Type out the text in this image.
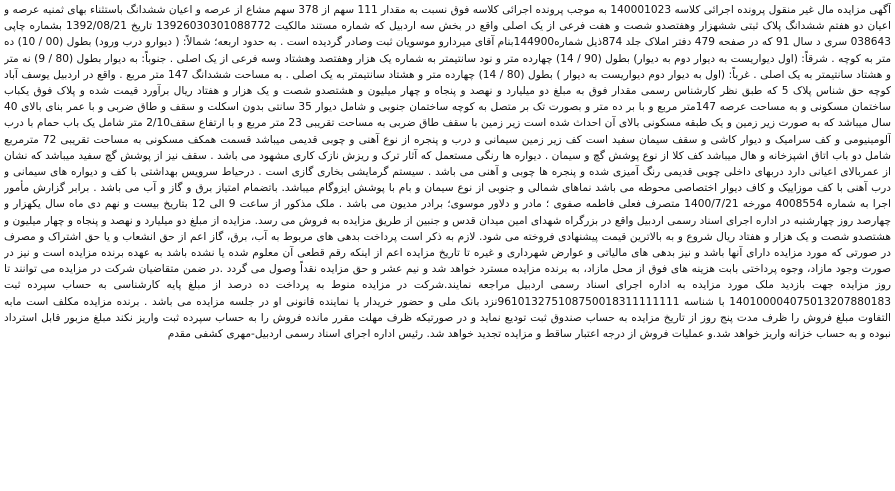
آگهی مزایده مال غیر منقول پرونده اجرائی کلاسه 140001023 به موجب پرونده اجرائی کلاسه فوق نسبت به مقدار 111 سهم از 378 سهم مشاع از عرصه و اعیان ششدانگ باستثناء بهای ثمنیه عرصه و اعیان دو هفتم ششدانگ پلاک ثبتی ششهزار وهفتصدو شصت و هفت فرعی از یک اصلی واقع در بخش سه اردبیل که شماره مستند مالکیت 13926030301088772 تاریخ 1392/08/21 بشماره چاپی 038643 سری د سال 91 که در صفحه 479 دفتر املاک جلد 874ذیل شماره144900بنام آقای میردارو موسویان ثبت وصادر گردیده است . به حدود اربعه؛ شمالاً: ( دیوارو درب ورود) بطول (00 / 10) ده متر به کوچه . شرقاً: (اول دیواریست به دیوار دوم به دیوار) بطول (90 / 14) چهارده متر و نود سانتیمتر به شماره یک هزار وهفتصد وهشتاد وسه فرعی از یک اصلی . جنوباً: به دیوار بطول (80 / 9) نه متر و هشتاد سانتیمتر به یک اصلی . غرباً: (اول به دیوار دوم دیواریست به دیوار ) بطول (80 / 14) چهارده متر و هشتاد سانتیمتر به یک اصلی . به مساحت ششدانگ 147 متر مربع . واقع در اردبیل یوسف آباد کوچه حق شناس پلاک 5 که طبق نظر کارشناس رسمی مقدار فوق به مبلغ دو میلیارد و نهصد و پنجاه و چهار میلیون و هشتصدو شصت و یک هزار و هفتاد ریال برآورد قیمت شده و پلاک فوق یکباب ساختمان مسکونی و به مساحت عرصه 147متر مربع و با بر ده متر و بصورت تک بر متصل به کوچه ساختمان جنوبی و شامل دیوار 35 سانتی بدون اسکلت و سقف و طاق ضربی و با عمر بنای بالای 40 سال میباشد که به صورت زیر زمین و یک طبقه مسکونی بالای آن احداث شده است زیر زمین با سقف طاق ضربی به مساحت تقریبی 23 متر مربع و با ارتفاع سقف2/10 متر شامل یک باب حمام با درب آلومینیومی و کف سرامیک و دیوار کاشی و سقف سیمان سفید است کف زیر زمین سیمانی و درب و پنجره از نوع آهنی و چوبی قدیمی میباشد قسمت همکف مسکونی به مساحت تقریبی 72 مترمربع شامل دو باب اتاق اشپزخانه و هال میباشد کف کلا از نوع پوشش گچ و سیمان . دیواره ها رنگی مستعمل که آثار ترک و ریزش نازک کاری مشهود می باشد . سقف نیز از پوشش گچ سفید میباشد که نشان از عمربالای اعیانی دارد دربهای داخلی چوبی قدیمی رنگ آمیزی شده و پنجره ها چوبی و آهنی می باشد . سیستم گرمایشی بخاری گازی است . درحیاط سرویس بهداشتی با کف و دیواره های سیمانی و درب آهنی با کف موزاییک و کاف دیوار اختصاصی محوطه می باشد نماهای شمالی و جنوبی از نوع سیمان و بام با پوشش ایزوگام میباشد. باتضمام امتیاز برق و گاز و آب می باشد . برابر گزارش مأمور اجرا به شماره 4008554 مورخه 1400/7/21 متصرف فعلی فاطمه صفوی ؛ مادر و دلاور موسوی؛ برادر مدیون می باشد . ملک مذکور از ساعت 9 الی 12 بتاریخ بیست و نهم دی ماه سال یکهزار و چهارصد روز چهارشنبه در اداره اجرای اسناد رسمی اردبیل واقع در بزرگراه شهدای امین میدان قدس و جنبین از طریق مزایده به فروش می رسد. مزایده از مبلغ دو میلیارد و نهصد و پنجاه و چهار میلیون و هشتصدو شصت و یک هزار و هفتاد ریال شروع و به بالاترین قیمت پیشنهادی فروخته می شود. لازم به ذکر است پرداخت بدهی های مربوط به آب، برق، گاز اعم از حق انشعاب و یا حق اشتراک و مصرف در صورتی که مورد مزایده دارای آنها باشد و نیز بدهی های مالیاتی و عوارض شهرداری و غیره تا تاریخ مزایده اعم از اینکه رقم قطعی آن معلوم شده یا نشده باشد به عهده برنده مزایده است و نیز در صورت وجود مازاد، وجوه پرداختی بابت هزینه های فوق از محل مازاد، به برنده مزایده مسترد خواهد شد و نیم عشر و حق مزایده نقداً وصول می گردد .در ضمن متقاضیان شرکت در مزایده می توانند تا روز مزایده جهت بازدید ملک مورد مزایده به اداره اجرای اسناد رسمی اردبیل مراجعه نمایند.شرکت در مزایده منوط به پرداخت ده درصد از مبلغ پایه کارشناسی به حساب سپرده ثبت 140100004075013207880183 با شناسه 961013275108750018311111111نزد بانک ملی و حضور خریدار یا نماینده قانونی او در جلسه مزایده می باشد . برنده مزایده مکلف است مابه التفاوت مبلغ فروش را ظرف مدت پنج روز از تاریخ مزایده به حساب صندوق ثبت تودیع نماید و در صورتیکه ظرف مهلت مقرر مانده فروش را به حساب سپرده ثبت واریز نکند مبلغ مزبور قابل استرداد نبوده و به حساب خزانه واریز خواهد شد.و عملیات فروش از درجه اعتبار ساقط و مزایده تجدید خواهد شد. رئیس اداره اجرای اسناد رسمی اردبیل-مهری کشفی مقدم
